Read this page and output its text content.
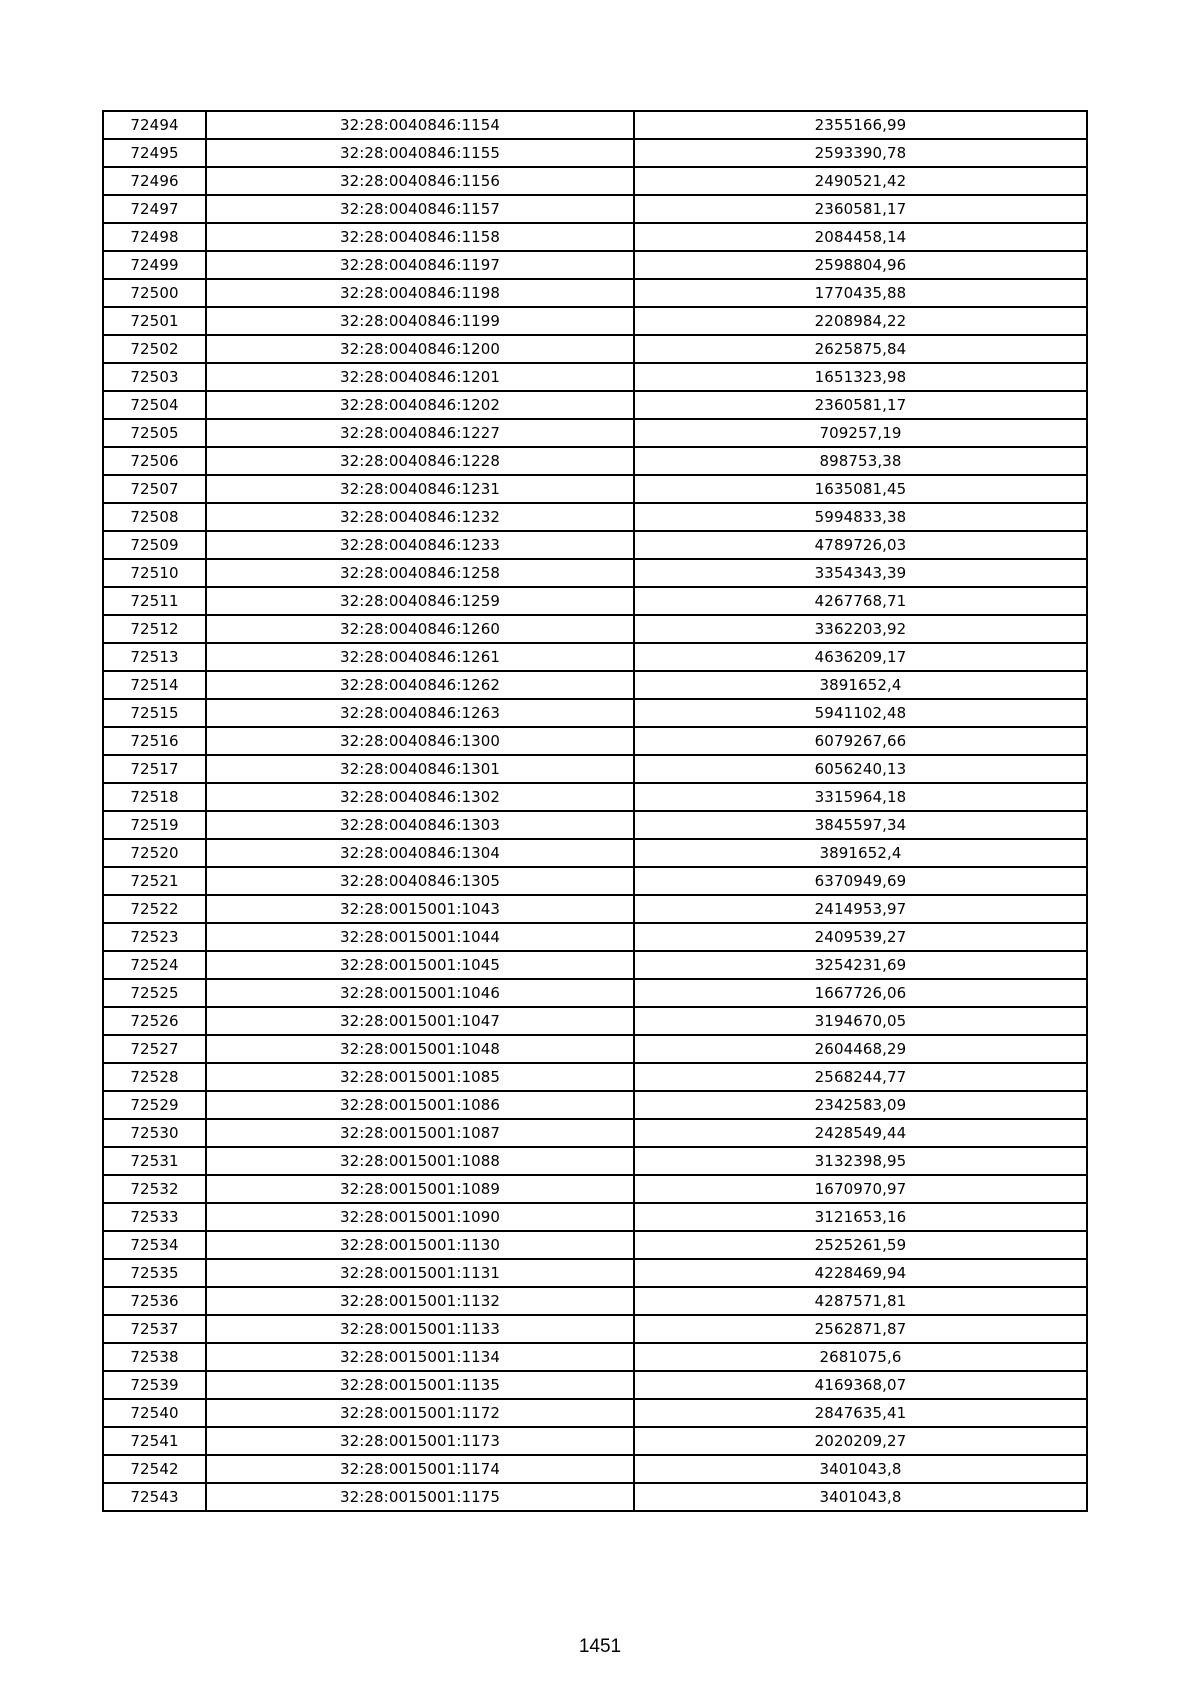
72494	32:28:0040846:1154	2355166,99
72495	32:28:0040846:1155	2593390,78
72496	32:28:0040846:1156	2490521,42
72497	32:28:0040846:1157	2360581,17
72498	32:28:0040846:1158	2084458,14
72499	32:28:0040846:1197	2598804,96
72500	32:28:0040846:1198	1770435,88
72501	32:28:0040846:1199	2208984,22
72502	32:28:0040846:1200	2625875,84
72503	32:28:0040846:1201	1651323,98
72504	32:28:0040846:1202	2360581,17
72505	32:28:0040846:1227	709257,19
72506	32:28:0040846:1228	898753,38
72507	32:28:0040846:1231	1635081,45
72508	32:28:0040846:1232	5994833,38
72509	32:28:0040846:1233	4789726,03
72510	32:28:0040846:1258	3354343,39
72511	32:28:0040846:1259	4267768,71
72512	32:28:0040846:1260	3362203,92
72513	32:28:0040846:1261	4636209,17
72514	32:28:0040846:1262	3891652,4
72515	32:28:0040846:1263	5941102,48
72516	32:28:0040846:1300	6079267,66
72517	32:28:0040846:1301	6056240,13
72518	32:28:0040846:1302	3315964,18
72519	32:28:0040846:1303	3845597,34
72520	32:28:0040846:1304	3891652,4
72521	32:28:0040846:1305	6370949,69
72522	32:28:0015001:1043	2414953,97
72523	32:28:0015001:1044	2409539,27
72524	32:28:0015001:1045	3254231,69
72525	32:28:0015001:1046	1667726,06
72526	32:28:0015001:1047	3194670,05
72527	32:28:0015001:1048	2604468,29
72528	32:28:0015001:1085	2568244,77
72529	32:28:0015001:1086	2342583,09
72530	32:28:0015001:1087	2428549,44
72531	32:28:0015001:1088	3132398,95
72532	32:28:0015001:1089	1670970,97
72533	32:28:0015001:1090	3121653,16
72534	32:28:0015001:1130	2525261,59
72535	32:28:0015001:1131	4228469,94
72536	32:28:0015001:1132	4287571,81
72537	32:28:0015001:1133	2562871,87
72538	32:28:0015001:1134	2681075,6
72539	32:28:0015001:1135	4169368,07
72540	32:28:0015001:1172	2847635,41
72541	32:28:0015001:1173	2020209,27
72542	32:28:0015001:1174	3401043,8
72543	32:28:0015001:1175	3401043,8
1451
